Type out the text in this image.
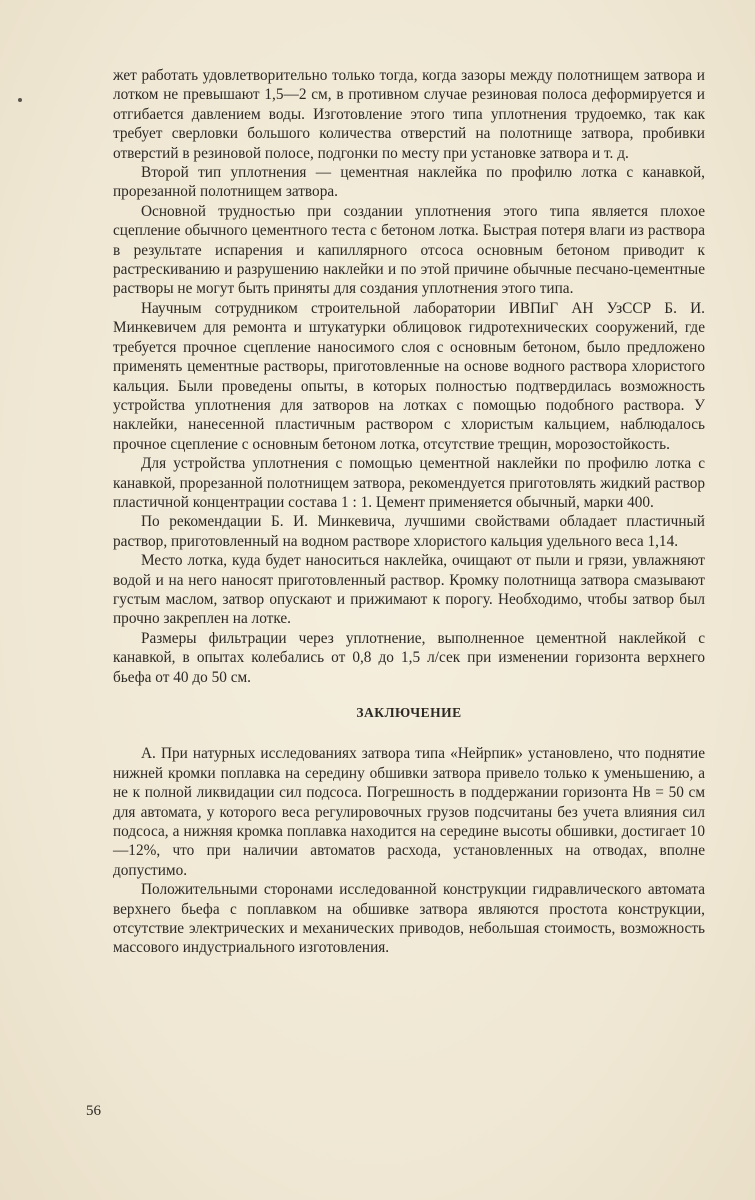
жет работать удовлетворительно только тогда, когда зазоры между полотнищем затвора и лотком не превышают 1,5—2 см, в противном случае резиновая полоса деформируется и отгибается давлением воды. Изготовление этого типа уплотнения трудоемко, так как требует сверловки большого количества отверстий на полотнище затвора, пробивки отверстий в резиновой полосе, подгонки по месту при установке затвора и т. д.

Второй тип уплотнения — цементная наклейка по профилю лотка с канавкой, прорезанной полотнищем затвора.

Основной трудностью при создании уплотнения этого типа является плохое сцепление обычного цементного теста с бетоном лотка. Быстрая потеря влаги из раствора в результате испарения и капиллярного отсоса основным бетоном приводит к растрескиванию и разрушению наклейки и по этой причине обычные песчано-цементные растворы не могут быть приняты для создания уплотнения этого типа.

Научным сотрудником строительной лаборатории ИВПиГ АН УзССР Б. И. Минкевичем для ремонта и штукатурки облицовок гидротехнических сооружений, где требуется прочное сцепление наносимого слоя с основным бетоном, было предложено применять цементные растворы, приготовленные на основе водного раствора хлористого кальция. Были проведены опыты, в которых полностью подтвердилась возможность устройства уплотнения для затворов на лотках с помощью подобного раствора. У наклейки, нанесенной пластичным раствором с хлористым кальцием, наблюдалось прочное сцепление с основным бетоном лотка, отсутствие трещин, морозостойкость.

Для устройства уплотнения с помощью цементной наклейки по профилю лотка с канавкой, прорезанной полотнищем затвора, рекомендуется приготовлять жидкий раствор пластичной концентрации состава 1 : 1. Цемент применяется обычный, марки 400.

По рекомендации Б. И. Минкевича, лучшими свойствами обладает пластичный раствор, приготовленный на водном растворе хлористого кальция удельного веса 1,14.

Место лотка, куда будет наноситься наклейка, очищают от пыли и грязи, увлажняют водой и на него наносят приготовленный раствор. Кромку полотнища затвора смазывают густым маслом, затвор опускают и прижимают к порогу. Необходимо, чтобы затвор был прочно закреплен на лотке.

Размеры фильтрации через уплотнение, выполненное цементной наклейкой с канавкой, в опытах колебались от 0,8 до 1,5 л/сек при изменении горизонта верхнего бьефа от 40 до 50 см.

ЗАКЛЮЧЕНИЕ

А. При натурных исследованиях затвора типа «Нейрпик» установлено, что поднятие нижней кромки поплавка на середину обшивки затвора привело только к уменьшению, а не к полной ликвидации сил подсоса. Погрешность в поддержании горизонта Hв = 50 см для автомата, у которого веса регулировочных грузов подсчитаны без учета влияния сил подсоса, а нижняя кромка поплавка находится на середине высоты обшивки, достигает 10—12%, что при наличии автоматов расхода, установленных на отводах, вполне допустимо.

Положительными сторонами исследованной конструкции гидравлического автомата верхнего бьефа с поплавком на обшивке затвора являются простота конструкции, отсутствие электрических и механических приводов, небольшая стоимость, возможность массового индустриального изготовления.

56
